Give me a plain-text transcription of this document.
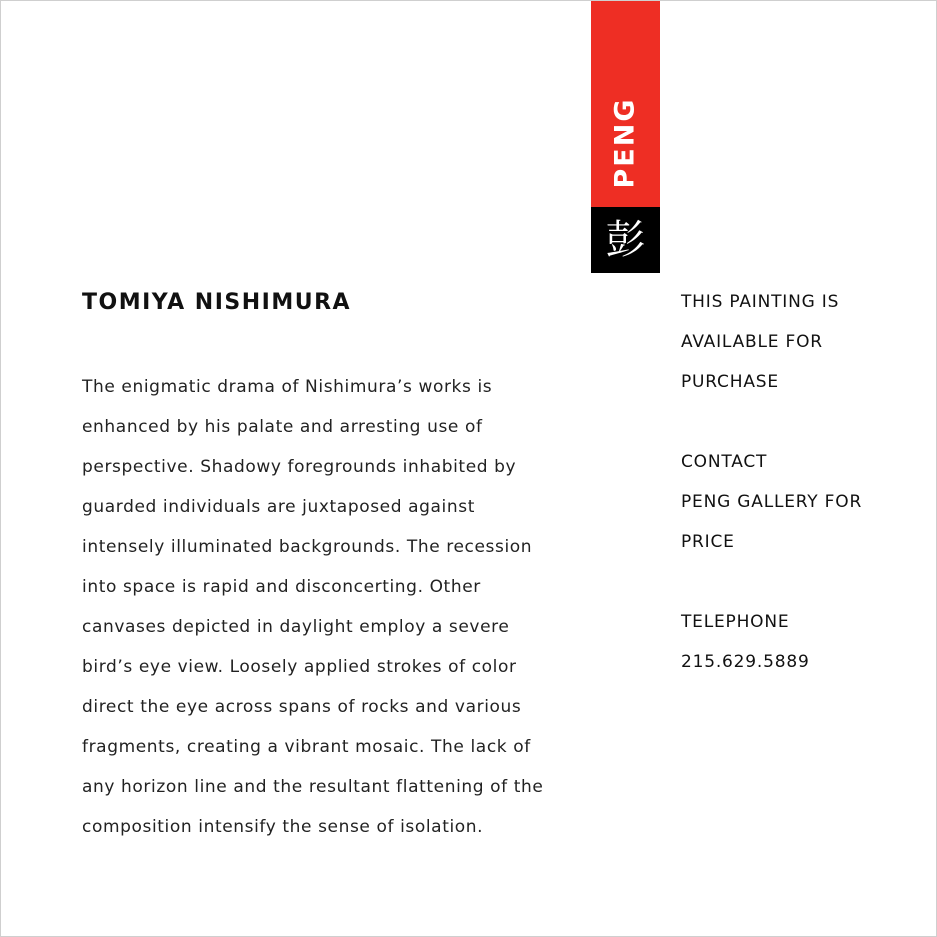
PENG
彭
TOMIYA NISHIMURA
The enigmatic drama of Nishimura’s works is
enhanced by his palate and arresting use of
perspective. Shadowy foregrounds inhabited by
guarded individuals are juxtaposed against
intensely illuminated backgrounds. The recession
into space is rapid and disconcerting. Other
canvases depicted in daylight employ a severe
bird’s eye view. Loosely applied strokes of color
direct the eye across spans of rocks and various
fragments, creating a vibrant mosaic. The lack of
any horizon line and the resultant flattening of the
composition intensify the sense of isolation.
THIS PAINTING IS
AVAILABLE FOR
PURCHASE
CONTACT
PENG GALLERY FOR
PRICE
TELEPHONE
215.629.5889
